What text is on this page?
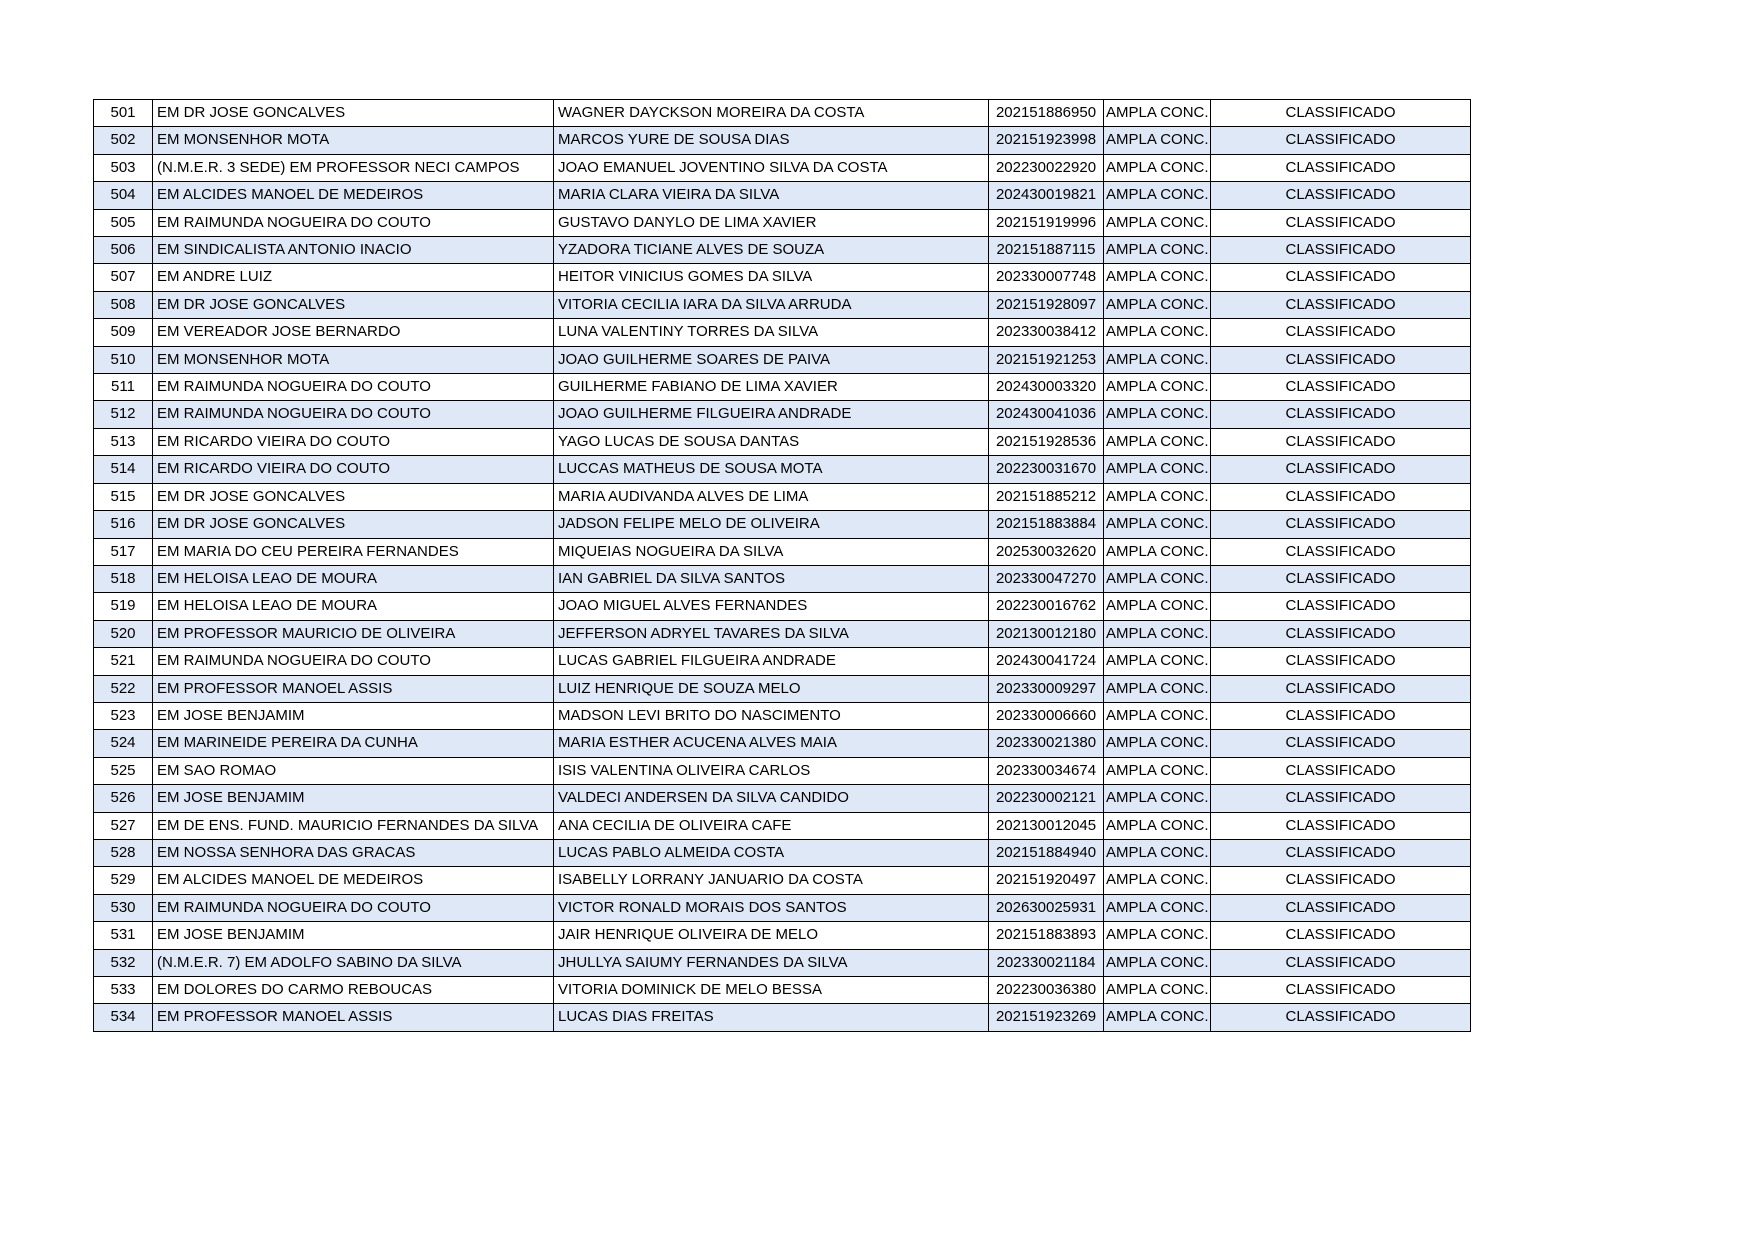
501	EM DR JOSE GONCALVES	WAGNER DAYCKSON MOREIRA DA COSTA	202151886950	AMPLA CONC.	CLASSIFICADO
502	EM MONSENHOR MOTA	MARCOS YURE DE SOUSA DIAS	202151923998	AMPLA CONC.	CLASSIFICADO
503	(N.M.E.R. 3 SEDE) EM PROFESSOR NECI CAMPOS	JOAO EMANUEL JOVENTINO SILVA DA COSTA	202230022920	AMPLA CONC.	CLASSIFICADO
504	EM ALCIDES MANOEL DE MEDEIROS	MARIA CLARA VIEIRA DA SILVA	202430019821	AMPLA CONC.	CLASSIFICADO
505	EM RAIMUNDA NOGUEIRA DO COUTO	GUSTAVO DANYLO DE LIMA XAVIER	202151919996	AMPLA CONC.	CLASSIFICADO
506	EM SINDICALISTA ANTONIO INACIO	YZADORA TICIANE ALVES DE SOUZA	202151887115	AMPLA CONC.	CLASSIFICADO
507	EM ANDRE LUIZ	HEITOR VINICIUS GOMES DA SILVA	202330007748	AMPLA CONC.	CLASSIFICADO
508	EM DR JOSE GONCALVES	VITORIA CECILIA IARA DA SILVA ARRUDA	202151928097	AMPLA CONC.	CLASSIFICADO
509	EM VEREADOR JOSE BERNARDO	LUNA VALENTINY TORRES DA SILVA	202330038412	AMPLA CONC.	CLASSIFICADO
510	EM MONSENHOR MOTA	JOAO GUILHERME SOARES DE PAIVA	202151921253	AMPLA CONC.	CLASSIFICADO
511	EM RAIMUNDA NOGUEIRA DO COUTO	GUILHERME FABIANO DE LIMA XAVIER	202430003320	AMPLA CONC.	CLASSIFICADO
512	EM RAIMUNDA NOGUEIRA DO COUTO	JOAO GUILHERME FILGUEIRA ANDRADE	202430041036	AMPLA CONC.	CLASSIFICADO
513	EM RICARDO VIEIRA DO COUTO	YAGO LUCAS DE SOUSA DANTAS	202151928536	AMPLA CONC.	CLASSIFICADO
514	EM RICARDO VIEIRA DO COUTO	LUCCAS MATHEUS DE SOUSA MOTA	202230031670	AMPLA CONC.	CLASSIFICADO
515	EM DR JOSE GONCALVES	MARIA AUDIVANDA ALVES DE LIMA	202151885212	AMPLA CONC.	CLASSIFICADO
516	EM DR JOSE GONCALVES	JADSON FELIPE MELO DE OLIVEIRA	202151883884	AMPLA CONC.	CLASSIFICADO
517	EM MARIA DO CEU PEREIRA FERNANDES	MIQUEIAS NOGUEIRA DA SILVA	202530032620	AMPLA CONC.	CLASSIFICADO
518	EM HELOISA LEAO DE MOURA	IAN GABRIEL DA SILVA SANTOS	202330047270	AMPLA CONC.	CLASSIFICADO
519	EM HELOISA LEAO DE MOURA	JOAO MIGUEL ALVES FERNANDES	202230016762	AMPLA CONC.	CLASSIFICADO
520	EM PROFESSOR MAURICIO DE OLIVEIRA	JEFFERSON ADRYEL TAVARES DA SILVA	202130012180	AMPLA CONC.	CLASSIFICADO
521	EM RAIMUNDA NOGUEIRA DO COUTO	LUCAS GABRIEL FILGUEIRA ANDRADE	202430041724	AMPLA CONC.	CLASSIFICADO
522	EM PROFESSOR MANOEL ASSIS	LUIZ HENRIQUE DE SOUZA MELO	202330009297	AMPLA CONC.	CLASSIFICADO
523	EM JOSE BENJAMIM	MADSON LEVI BRITO DO NASCIMENTO	202330006660	AMPLA CONC.	CLASSIFICADO
524	EM MARINEIDE PEREIRA DA CUNHA	MARIA ESTHER ACUCENA ALVES MAIA	202330021380	AMPLA CONC.	CLASSIFICADO
525	EM SAO ROMAO	ISIS VALENTINA OLIVEIRA CARLOS	202330034674	AMPLA CONC.	CLASSIFICADO
526	EM JOSE BENJAMIM	VALDECI ANDERSEN DA SILVA CANDIDO	202230002121	AMPLA CONC.	CLASSIFICADO
527	EM DE ENS. FUND. MAURICIO FERNANDES DA SILVA	ANA CECILIA DE OLIVEIRA CAFE	202130012045	AMPLA CONC.	CLASSIFICADO
528	EM NOSSA SENHORA DAS GRACAS	LUCAS PABLO ALMEIDA COSTA	202151884940	AMPLA CONC.	CLASSIFICADO
529	EM ALCIDES MANOEL DE MEDEIROS	ISABELLY LORRANY JANUARIO DA COSTA	202151920497	AMPLA CONC.	CLASSIFICADO
530	EM RAIMUNDA NOGUEIRA DO COUTO	VICTOR RONALD MORAIS DOS SANTOS	202630025931	AMPLA CONC.	CLASSIFICADO
531	EM JOSE BENJAMIM	JAIR HENRIQUE OLIVEIRA DE MELO	202151883893	AMPLA CONC.	CLASSIFICADO
532	(N.M.E.R. 7) EM ADOLFO SABINO DA SILVA	JHULLYA SAIUMY FERNANDES DA SILVA	202330021184	AMPLA CONC.	CLASSIFICADO
533	EM DOLORES DO CARMO REBOUCAS	VITORIA DOMINICK DE MELO BESSA	202230036380	AMPLA CONC.	CLASSIFICADO
534	EM PROFESSOR MANOEL ASSIS	LUCAS DIAS FREITAS	202151923269	AMPLA CONC.	CLASSIFICADO
